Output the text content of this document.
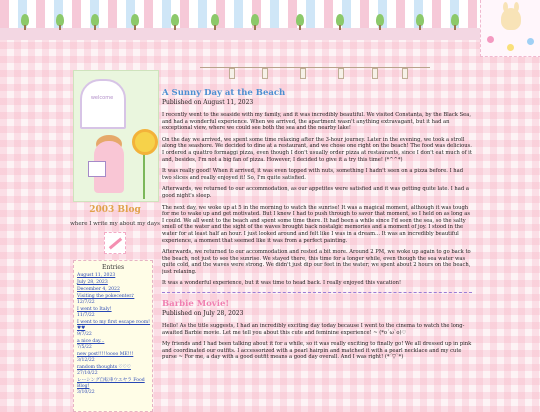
welcome
2003 Blog
where I write my about my days
Entries
August 11, 2023
July 28, 2023
December 4, 2022
Visiting the pokecenter♪
12/7/22
I went to Italy!
11/7/22
I went to my first escape room! ♥♥
9/7/22
a nice day...
7/5/22
new post!!!!!oooo ME!!!
3/12/22
random thoughts ♡♡♡
27/10/22
レーシング自転車ウエヤラ Food Blog!
3/10/22
A Sunny Day at the Beach
Published on August 11, 2023

I recently went to the seaside with my family, and it was incredibly beautiful. We visited Constanța, by the Black Sea, and had a wonderful experience. When we arrived, the apartment wasn't anything extravagant, but it had an exceptional view, where we could see both the sea and the nearby lake!

On the day we arrived, we spent some time relaxing after the 3-hour journey. Later in the evening, we took a stroll along the seashore. We decided to dine at a restaurant, and we chose one right on the beach! The food was delicious. I ordered a quattro formaggi pizza, even though I don't usually order pizza at restaurants, since I don't eat much of it and, besides, I'm not a big fan of pizza. However, I decided to give it a try this time! (*^^*)

It was really good! When it arrived, it was even topped with nuts, something I hadn't seen on a pizza before. I had two slices and really enjoyed it! So, I'm quite satisfied.

Afterwards, we returned to our accommodation, as our appetites were satisfied and it was getting quite late. I had a good night's sleep.

The next day, we woke up at 5 in the morning to watch the sunrise! It was a magical moment, although it was tough for me to wake up and get motivated. But I knew I had to push through to savor that moment, so I held on as long as I could. We all went to the beach and spent some time there. It had been a while since I'd seen the sea, so the salty smell of the water and the sight of the waves brought back nostalgic memories and a moment of joy. I stood in the water for at least half an hour. I just looked around and felt like I was in a dream... It was an incredibly beautiful experience, a moment that seemed like it was from a perfect painting.

Afterwards, we returned to our accommodation and rested a bit more. Around 2 PM, we woke up again to go back to the beach, not just to see the sunrise. We stayed there, this time for a longer while, even though the sea water was quite cold, and the waves were strong. We didn't just dip our feet in the water; we spent about 2 hours on the beach, just relaxing.

It was a wonderful experience, but it was time to head back. I really enjoyed this vacation!

Barbie Movie!
Published on July 28, 2023

Hello! As the title suggests, I had an incredibly exciting day today because I went to the cinema to watch the long-awaited Barbie movie. Let me tell you about this cute and feminine experience! ~ (*o´ω`o)♡

My friends and I had been talking about it for a while, so it was really exciting to finally go! We all dressed up in pink and coordinated our outfits. I accessorized with a pearl hairpin and matched it with a pearl necklace and my cute purse ~ For me, a day with a good outfit means a good day overall. And I was right! (*´▽`*)
